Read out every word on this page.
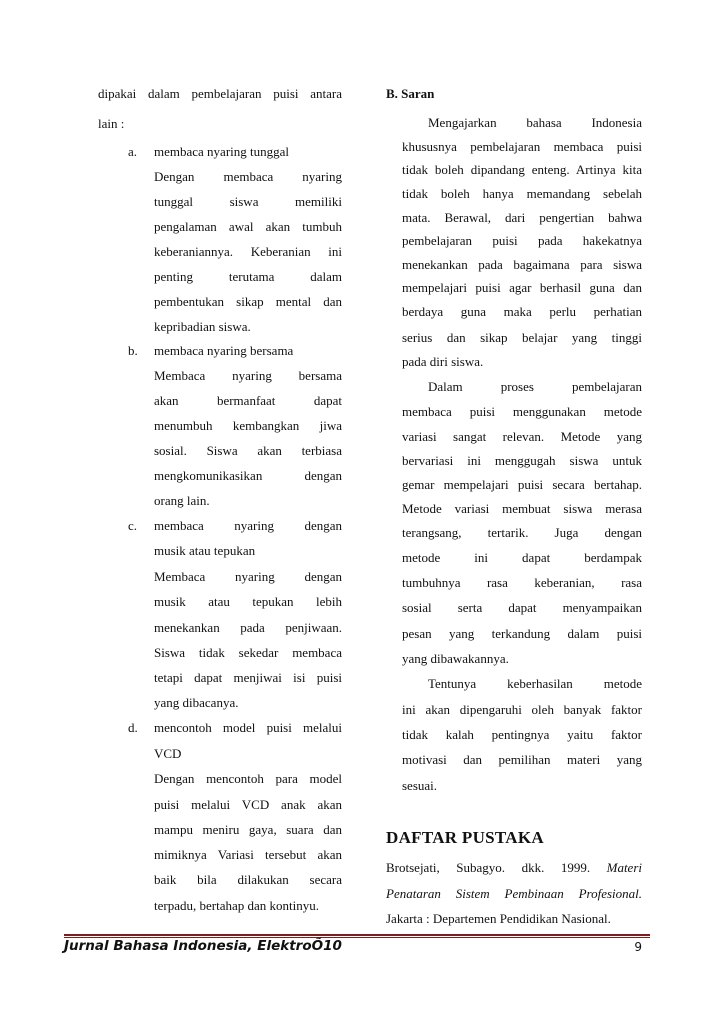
dipakai dalam pembelajaran puisi antara
lain :
a. membaca nyaring tunggal
Dengan membaca nyaring
tunggal siswa memiliki
pengalaman awal akan tumbuh
keberaniannya. Keberanian ini
penting terutama dalam
pembentukan sikap mental dan
kepribadian siswa.
b. membaca nyaring bersama
Membaca nyaring bersama
akan bermanfaat dapat
menumbuh kembangkan jiwa
sosial. Siswa akan terbiasa
mengkomunikasikan dengan
orang lain.
c. membaca nyaring dengan
musik atau tepukan
Membaca nyaring dengan
musik atau tepukan lebih
menekankan pada penjiwaan.
Siswa tidak sekedar membaca
tetapi dapat menjiwai isi puisi
yang dibacanya.
d. mencontoh model puisi melalui
VCD
Dengan mencontoh para model
puisi melalui VCD anak akan
mampu meniru gaya, suara dan
mimiknya Variasi tersebut akan
baik bila dilakukan secara
terpadu, bertahap dan kontinyu.
B. Saran
Mengajarkan bahasa Indonesia
khususnya pembelajaran membaca puisi
tidak boleh dipandang enteng. Artinya kita
tidak boleh hanya memandang sebelah
mata. Berawal, dari pengertian bahwa
pembelajaran puisi pada hakekatnya
menekankan pada bagaimana para siswa
mempelajari puisi agar berhasil guna dan
berdaya guna maka perlu perhatian
serius dan sikap belajar yang tinggi
pada diri siswa.
Dalam proses pembelajaran
membaca puisi menggunakan metode
variasi sangat relevan. Metode yang
bervariasi ini menggugah siswa untuk
gemar mempelajari puisi secara bertahap.
Metode variasi membuat siswa merasa
terangsang, tertarik. Juga dengan
metode ini dapat berdampak
tumbuhnya rasa keberanian, rasa
sosial serta dapat menyampaikan
pesan yang terkandung dalam puisi
yang dibawakannya.
Tentunya keberhasilan metode
ini akan dipengaruhi oleh banyak faktor
tidak kalah pentingnya yaitu faktor
motivasi dan pemilihan materi yang
sesuai.
DAFTAR PUSTAKA
Brotsejati, Subagyo. dkk. 1999. Materi
Penataran Sistem Pembinaan Profesional.
Jakarta : Departemen Pendidikan Nasional.
Jurnal Bahasa Indonesia, ElektroÕ10	9
